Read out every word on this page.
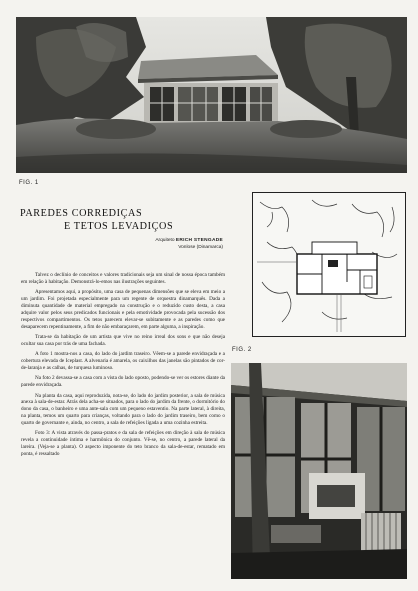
FIG. 1
FIG. 2
PAREDES CORREDIÇAS
E TETOS LEVADIÇOS
Arquiteto ERICH STENGADE
Vonlose (Dinamarca)

Talvez o declínio de conceitos e valores tradicionais seja um sinal de nossa época também em relação à habitação. Demonstrá-lo-emos nas ilustrações seguintes.

Apresentamos aqui, a propósito, uma casa de pequenas dimensões que se eleva em meio a um jardim. Foi projetada especialmente para um regente de orquestra dinamarquês. Dada a diminuta quantidade de material empregado na construção e o reduzido custo desta, a casa adquire valor pelos seus predicados funcionais e pela emotividade provocada pela sucessão dos respectivos compartimentos. Os tetos parecem elevar-se subitamente e as paredes como que desaparecem repentinamente, a fim de não embaraçarem, em parte alguma, a inspiração.

Trata-se da habitação de um artista que vive no reino irreal dos sons e que não deseja ocultar sua casa por trás de uma fachada.

A foto 1 mostra-nos a casa, do lado do jardim traseiro. Vêem-se a parede envidraçada e a cobertura elevada de Iceplast. A alvenaria é amarela, os caixilhos das janelas são pintados de cor-de-laranja e as calhas, de turquesa luminoso.

Na foto 2 devassa-se a casa com a vista do lado oposto, podendo-se ver os estores diante da parede envidraçada.

Na planta da casa, aqui reproduzida, nota-se, do lado do jardim posterior, a sala de música anexa à sala-de-estar. Atrás dela acha-se situados, para o lado do jardim da frente, o dormitório do dono da casa, o banheiro e uma ante-sala com um pequeno estaventio. Na parte lateral, à direita, na planta, temos um quarto para crianças, voltando para o lado do jardim traseiro, bem como o quarto de governante e, ainda, no centro, a sala de refeições ligada a uma cozinha estreita.

Foto 3: A vista através do passa-pratos e da sala de refeições em direção à sala de música revela a continuidade íntima e harmônica do conjunto. Vê-se, no centro, a parede lateral da lareira. (Veja-se a planta). O aspecto imponente do teto branco da sala-de-estar, rematado em ponta, é ressaltado
